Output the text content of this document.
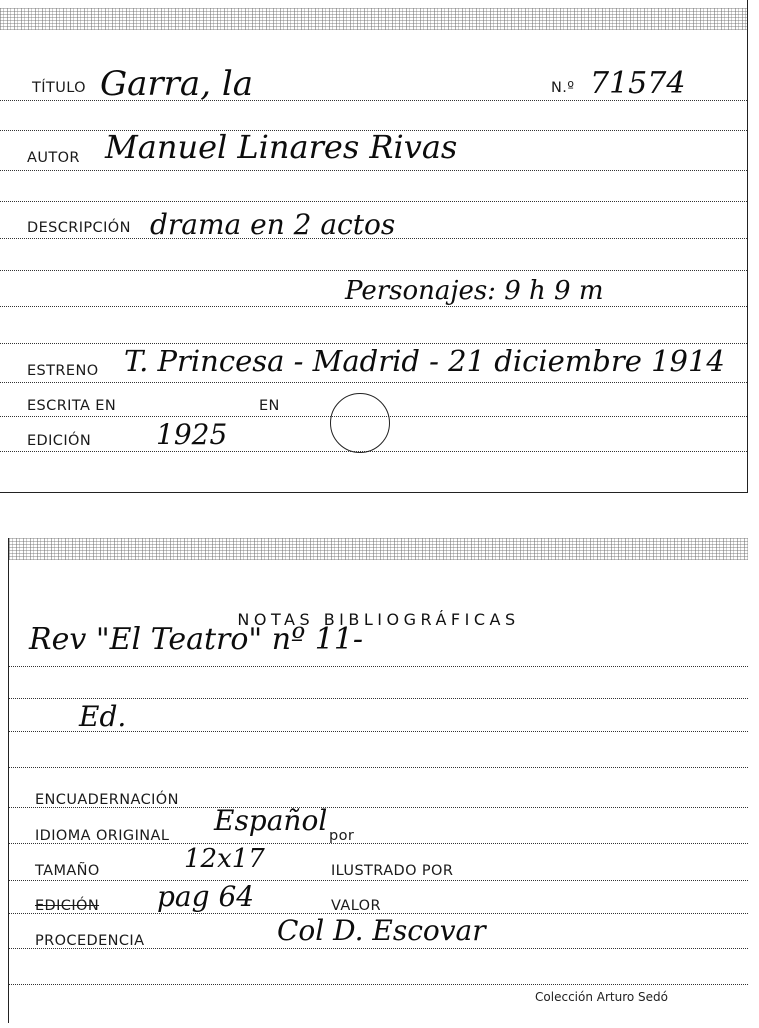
TÍTULO Garra, la	N.º 71574
AUTOR Manuel Linares Rivas
DESCRIPCIÓN drama en 2 actos
Personajes: 9 h 9 m
ESTRENO T. Princesa - Madrid - 21 diciembre 1914
ESCRITA EN	EN
EDICIÓN 1925
NOTAS BIBLIOGRÁFICAS
Rev "El Teatro" nº 11-
Ed.
ENCUADERNACIÓN
IDIOMA ORIGINAL Español por
TAMAÑO	12x17	ILUSTRADO POR
EDICIÓN pag 64	VALOR
PROCEDENCIA	Col D. Escovar
Colección Arturo Sedó
